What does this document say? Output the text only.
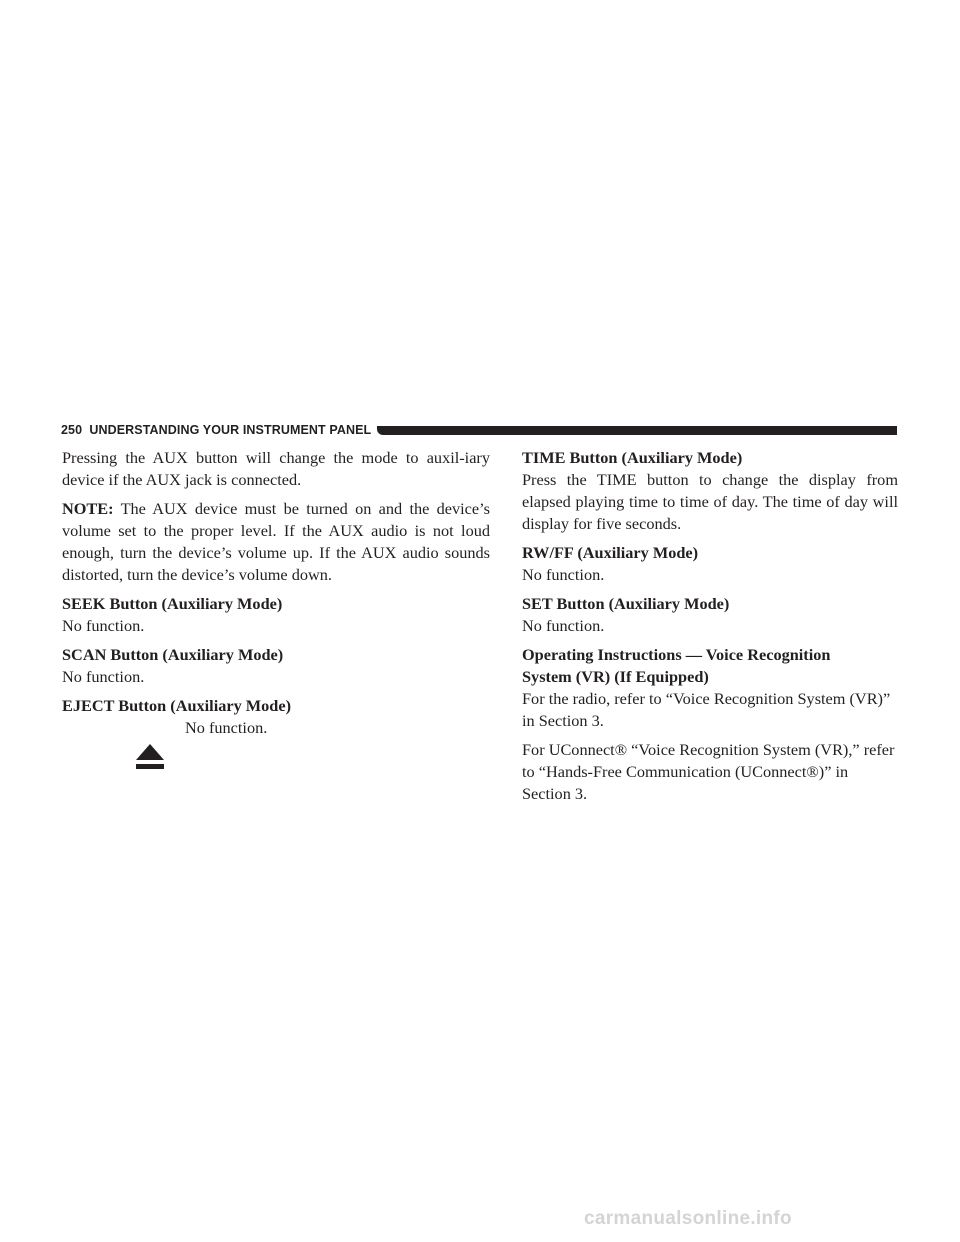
250 UNDERSTANDING YOUR INSTRUMENT PANEL

Pressing the AUX button will change the mode to auxil-iary device if the AUX jack is connected.

NOTE: The AUX device must be turned on and the device’s volume set to the proper level. If the AUX audio is not loud enough, turn the device’s volume up. If the AUX audio sounds distorted, turn the device’s volume down.

SEEK Button (Auxiliary Mode)
No function.

SCAN Button (Auxiliary Mode)
No function.

EJECT Button (Auxiliary Mode)

No function.

TIME Button (Auxiliary Mode)
Press the TIME button to change the display from elapsed playing time to time of day. The time of day will display for five seconds.

RW/FF (Auxiliary Mode)
No function.

SET Button (Auxiliary Mode)
No function.

Operating Instructions — Voice Recognition
System (VR) (If Equipped)
For the radio, refer to “Voice Recognition System (VR)” in Section 3.

For UConnect® “Voice Recognition System (VR),” refer to “Hands-Free Communication (UConnect®)” in Section 3.

carmanualsonline.info
